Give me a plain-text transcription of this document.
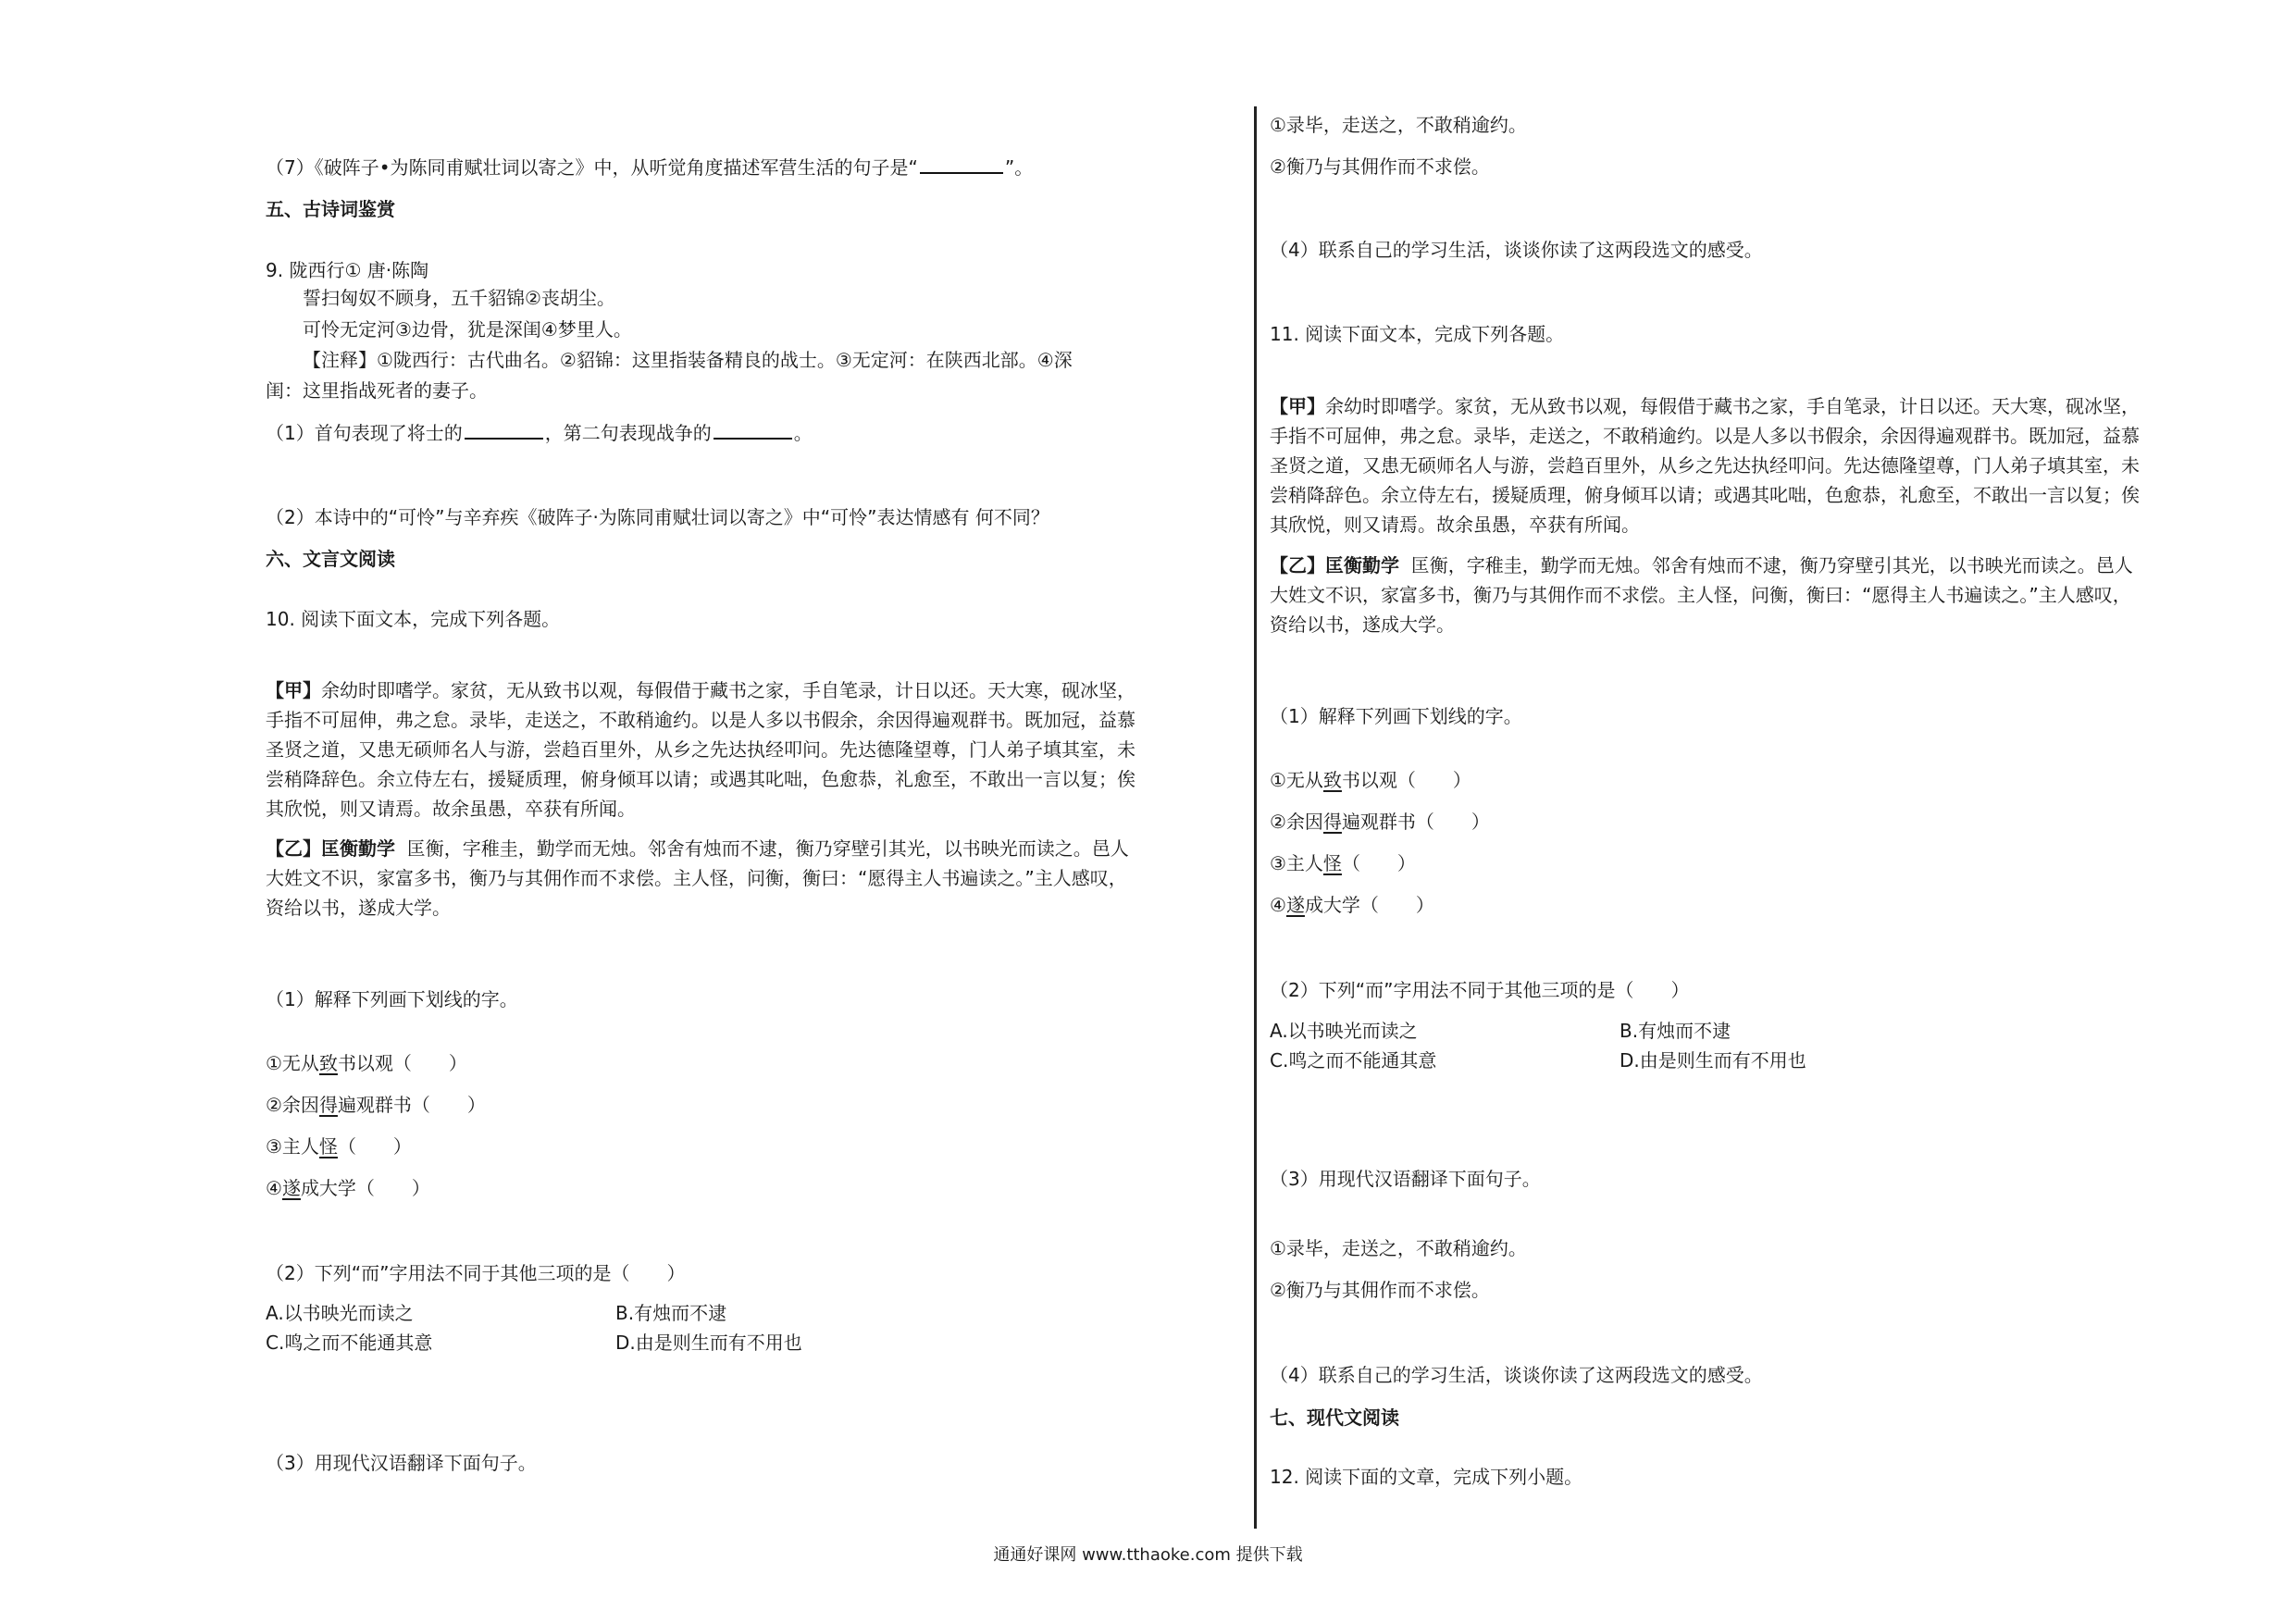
（7）《破阵子•为陈同甫赋壮词以寄之》中，从听觉角度描述军营生活的句子是“	”。
五、古诗词鉴赏
9. 陇西行① 唐·陈陶
誓扫匈奴不顾身，五千貂锦②丧胡尘。
可怜无定河③边骨，犹是深闺④梦里人。
【注释】①陇西行：古代曲名。②貂锦：这里指装备精良的战士。③无定河：在陕西北部。④深
闺：这里指战死者的妻子。
（1）首句表现了将士的	，第二句表现战争的	。
（2）本诗中的“可怜”与辛弃疾《破阵子·为陈同甫赋壮词以寄之》中“可怜”表达情感有 何不同？
六、文言文阅读
10. 阅读下面文本，完成下列各题。
【甲】余幼时即嗜学。家贫，无从致书以观，每假借于藏书之家，手自笔录，计日以还。天大寒，砚冰坚，
手指不可屈伸，弗之怠。录毕，走送之，不敢稍逾约。以是人多以书假余，余因得遍观群书。既加冠，益慕
圣贤之道，又患无硕师名人与游，尝趋百里外，从乡之先达执经叩问。先达德隆望尊，门人弟子填其室，未
尝稍降辞色。余立侍左右，援疑质理，俯身倾耳以请；或遇其叱咄，色愈恭，礼愈至，不敢出一言以复；俟
其欣悦，则又请焉。故余虽愚，卒获有所闻。
【乙】匡衡勤学 匡衡，字稚圭，勤学而无烛。邻舍有烛而不逮，衡乃穿壁引其光，以书映光而读之。邑人
大姓文不识，家富多书，衡乃与其佣作而不求偿。主人怪，问衡，衡曰：“愿得主人书遍读之。”主人感叹，
资给以书，遂成大学。
（1）解释下列画下划线的字。
①无从致书以观（　　）
②余因得遍观群书（　　）
③主人怪（　　）
④遂成大学（　　）
（2）下列“而”字用法不同于其他三项的是（　　）
A.以书映光而读之	B.有烛而不逮
C.鸣之而不能通其意	D.由是则生而有不用也
（3）用现代汉语翻译下面句子。
①录毕，走送之，不敢稍逾约。
②衡乃与其佣作而不求偿。
（4）联系自己的学习生活，谈谈你读了这两段选文的感受。
11. 阅读下面文本，完成下列各题。
【甲】余幼时即嗜学。家贫，无从致书以观，每假借于藏书之家，手自笔录，计日以还。天大寒，砚冰坚，
手指不可屈伸，弗之怠。录毕，走送之，不敢稍逾约。以是人多以书假余，余因得遍观群书。既加冠，益慕
圣贤之道，又患无硕师名人与游，尝趋百里外，从乡之先达执经叩问。先达德隆望尊，门人弟子填其室，未
尝稍降辞色。余立侍左右，援疑质理，俯身倾耳以请；或遇其叱咄，色愈恭，礼愈至，不敢出一言以复；俟
其欣悦，则又请焉。故余虽愚，卒获有所闻。
【乙】匡衡勤学 匡衡，字稚圭，勤学而无烛。邻舍有烛而不逮，衡乃穿壁引其光，以书映光而读之。邑人
大姓文不识，家富多书，衡乃与其佣作而不求偿。主人怪，问衡，衡曰：“愿得主人书遍读之。”主人感叹，
资给以书，遂成大学。
（1）解释下列画下划线的字。
①无从致书以观（　　）
②余因得遍观群书（　　）
③主人怪（　　）
④遂成大学（　　）
（2）下列“而”字用法不同于其他三项的是（　　）
A.以书映光而读之	B.有烛而不逮
C.鸣之而不能通其意	D.由是则生而有不用也
（3）用现代汉语翻译下面句子。
①录毕，走送之，不敢稍逾约。
②衡乃与其佣作而不求偿。
（4）联系自己的学习生活，谈谈你读了这两段选文的感受。
七、现代文阅读
12. 阅读下面的文章，完成下列小题。
通通好课网 www.tthaoke.com 提供下载
